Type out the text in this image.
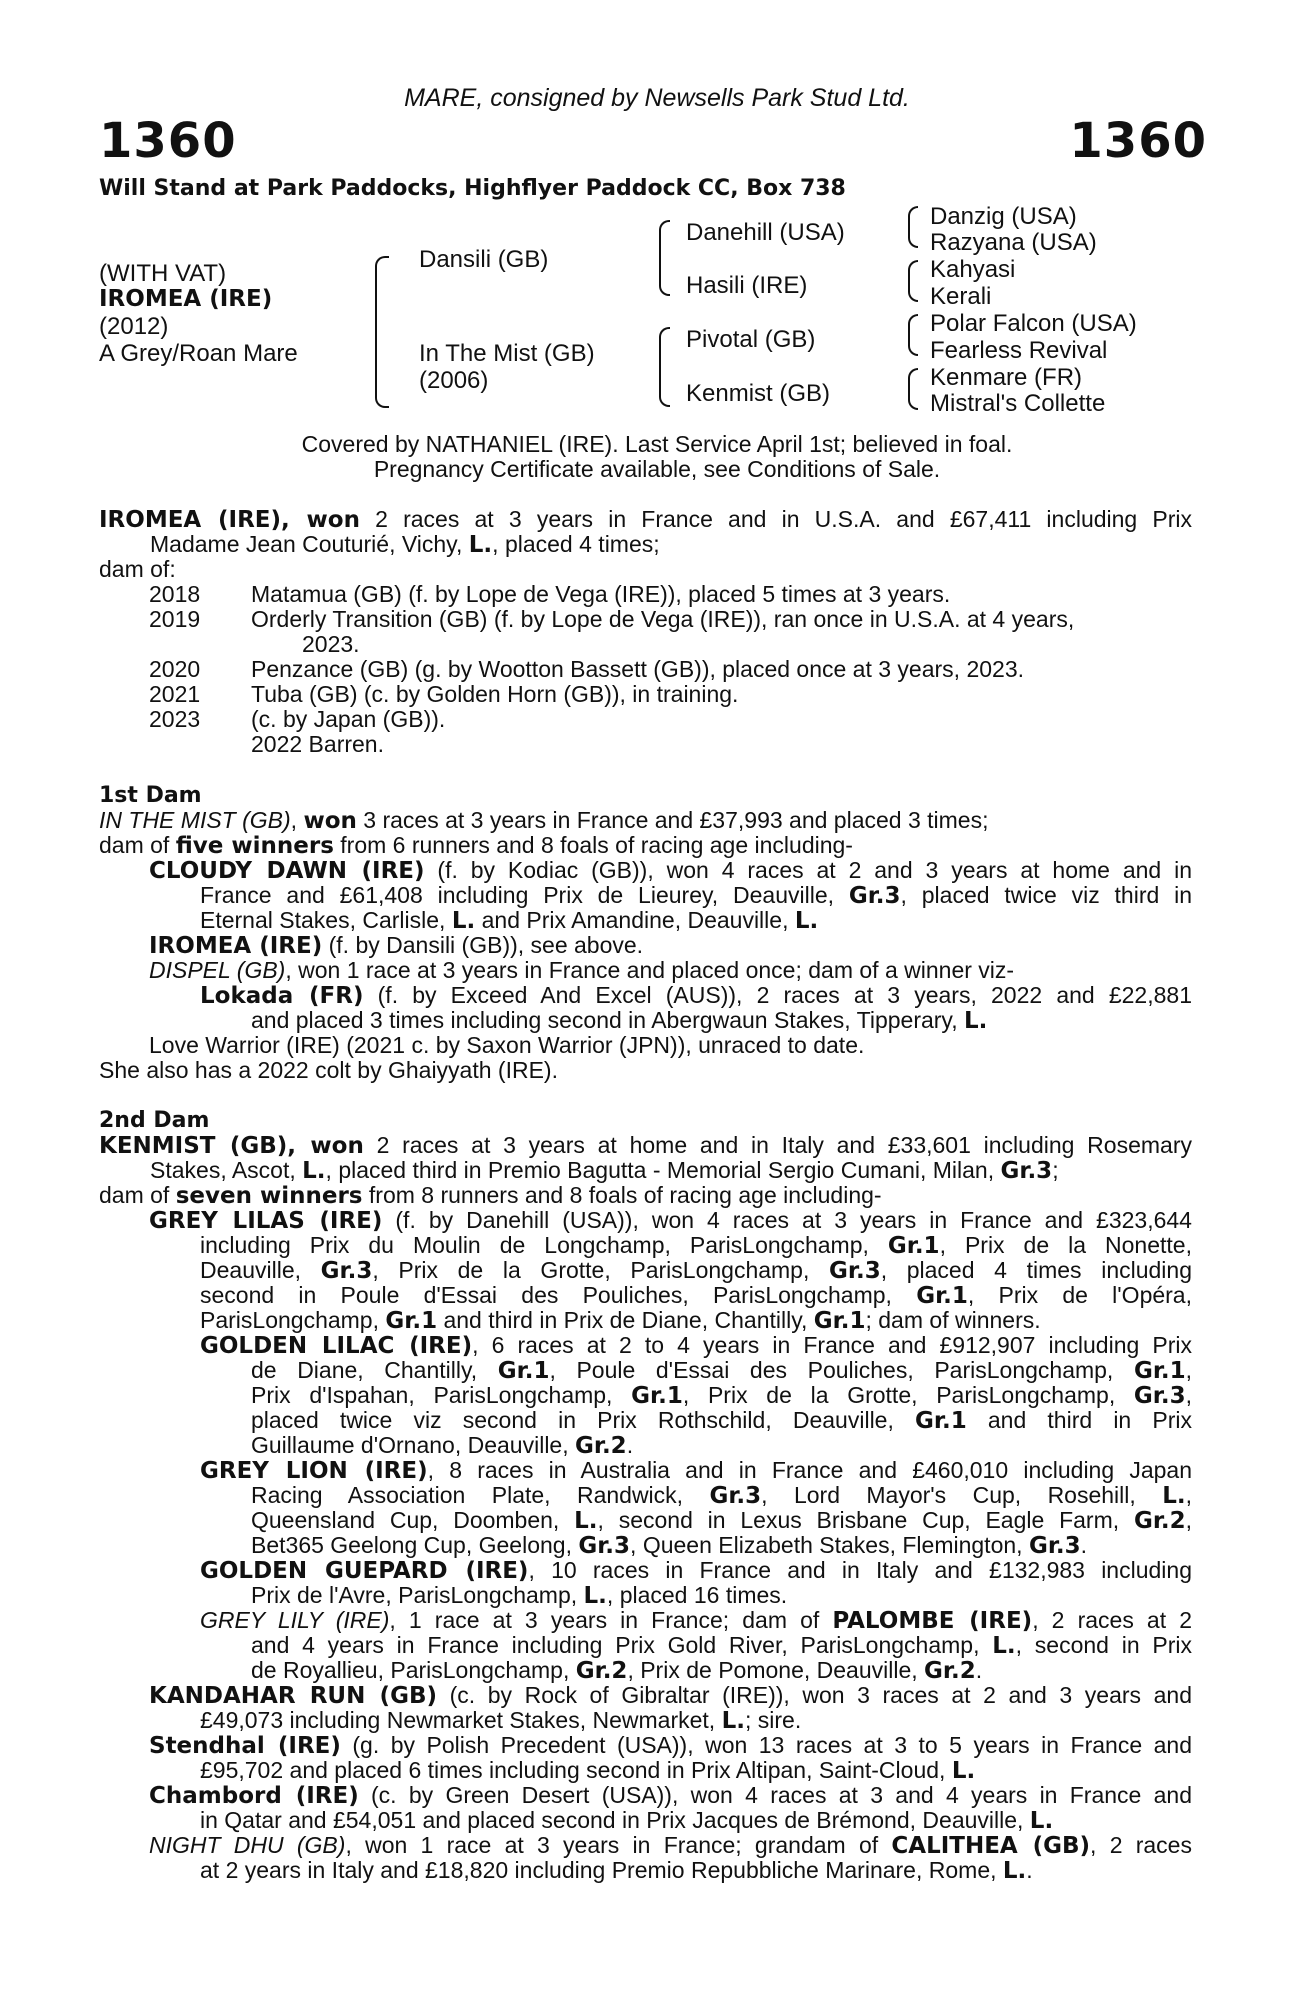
MARE, consigned by Newsells Park Stud Ltd.
1360	1360
Will Stand at Park Paddocks, Highflyer Paddock CC, Box 738
(WITH VAT)
IROMEA (IRE)
(2012)
A Grey/Roan Mare
Dansili (GB)
In The Mist (GB)
(2006)
Danehill (USA)
Hasili (IRE)
Pivotal (GB)
Kenmist (GB)
Danzig (USA)
Razyana (USA)
Kahyasi
Kerali
Polar Falcon (USA)
Fearless Revival
Kenmare (FR)
Mistral's Collette
Covered by NATHANIEL (IRE). Last Service April 1st; believed in foal.
Pregnancy Certificate available, see Conditions of Sale.
IROMEA (IRE), won 2 races at 3 years in France and in U.S.A. and £67,411 including Prix
Madame Jean Couturié, Vichy, L., placed 4 times;
dam of:
2018 Matamua (GB) (f. by Lope de Vega (IRE)), placed 5 times at 3 years.
2019 Orderly Transition (GB) (f. by Lope de Vega (IRE)), ran once in U.S.A. at 4 years,
2023.
2020 Penzance (GB) (g. by Wootton Bassett (GB)), placed once at 3 years, 2023.
2021 Tuba (GB) (c. by Golden Horn (GB)), in training.
2023 (c. by Japan (GB)).
2022 Barren.
1st Dam
IN THE MIST (GB), won 3 races at 3 years in France and £37,993 and placed 3 times;
dam of five winners from 6 runners and 8 foals of racing age including-
CLOUDY DAWN (IRE) (f. by Kodiac (GB)), won 4 races at 2 and 3 years at home and in
France and £61,408 including Prix de Lieurey, Deauville, Gr.3, placed twice viz third in
Eternal Stakes, Carlisle, L. and Prix Amandine, Deauville, L.
IROMEA (IRE) (f. by Dansili (GB)), see above.
DISPEL (GB), won 1 race at 3 years in France and placed once; dam of a winner viz-
Lokada (FR) (f. by Exceed And Excel (AUS)), 2 races at 3 years, 2022 and £22,881
and placed 3 times including second in Abergwaun Stakes, Tipperary, L.
Love Warrior (IRE) (2021 c. by Saxon Warrior (JPN)), unraced to date.
She also has a 2022 colt by Ghaiyyath (IRE).
2nd Dam
KENMIST (GB), won 2 races at 3 years at home and in Italy and £33,601 including Rosemary
Stakes, Ascot, L., placed third in Premio Bagutta - Memorial Sergio Cumani, Milan, Gr.3;
dam of seven winners from 8 runners and 8 foals of racing age including-
GREY LILAS (IRE) (f. by Danehill (USA)), won 4 races at 3 years in France and £323,644
including Prix du Moulin de Longchamp, ParisLongchamp, Gr.1, Prix de la Nonette,
Deauville, Gr.3, Prix de la Grotte, ParisLongchamp, Gr.3, placed 4 times including
second in Poule d'Essai des Pouliches, ParisLongchamp, Gr.1, Prix de l'Opéra,
ParisLongchamp, Gr.1 and third in Prix de Diane, Chantilly, Gr.1; dam of winners.
GOLDEN LILAC (IRE), 6 races at 2 to 4 years in France and £912,907 including Prix
de Diane, Chantilly, Gr.1, Poule d'Essai des Pouliches, ParisLongchamp, Gr.1,
Prix d'Ispahan, ParisLongchamp, Gr.1, Prix de la Grotte, ParisLongchamp, Gr.3,
placed twice viz second in Prix Rothschild, Deauville, Gr.1 and third in Prix
Guillaume d'Ornano, Deauville, Gr.2.
GREY LION (IRE), 8 races in Australia and in France and £460,010 including Japan
Racing Association Plate, Randwick, Gr.3, Lord Mayor's Cup, Rosehill, L.,
Queensland Cup, Doomben, L., second in Lexus Brisbane Cup, Eagle Farm, Gr.2,
Bet365 Geelong Cup, Geelong, Gr.3, Queen Elizabeth Stakes, Flemington, Gr.3.
GOLDEN GUEPARD (IRE), 10 races in France and in Italy and £132,983 including
Prix de l'Avre, ParisLongchamp, L., placed 16 times.
GREY LILY (IRE), 1 race at 3 years in France; dam of PALOMBE (IRE), 2 races at 2
and 4 years in France including Prix Gold River, ParisLongchamp, L., second in Prix
de Royallieu, ParisLongchamp, Gr.2, Prix de Pomone, Deauville, Gr.2.
KANDAHAR RUN (GB) (c. by Rock of Gibraltar (IRE)), won 3 races at 2 and 3 years and
£49,073 including Newmarket Stakes, Newmarket, L.; sire.
Stendhal (IRE) (g. by Polish Precedent (USA)), won 13 races at 3 to 5 years in France and
£95,702 and placed 6 times including second in Prix Altipan, Saint-Cloud, L.
Chambord (IRE) (c. by Green Desert (USA)), won 4 races at 3 and 4 years in France and
in Qatar and £54,051 and placed second in Prix Jacques de Brémond, Deauville, L.
NIGHT DHU (GB), won 1 race at 3 years in France; grandam of CALITHEA (GB), 2 races
at 2 years in Italy and £18,820 including Premio Repubbliche Marinare, Rome, L..
